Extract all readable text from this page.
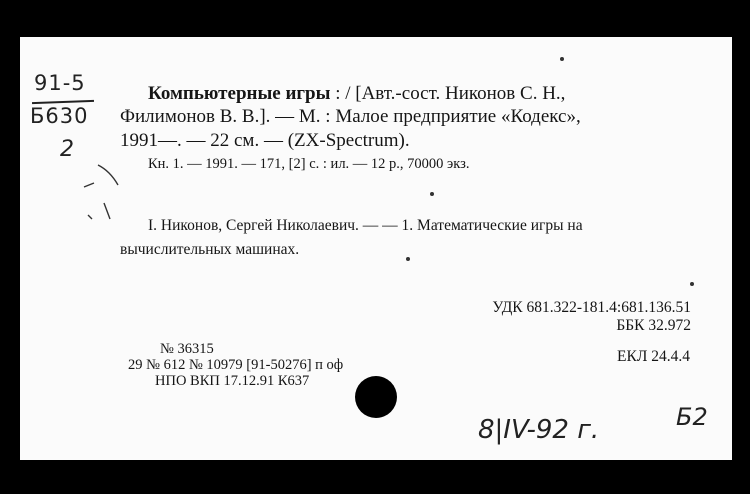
91-5
Б630
2
Компьютерные игры : / [Авт.-сост. Никонов С. Н.,
Филимонов В. В.]. — М. : Малое предприятие «Кодекс»,
1991—. — 22 см. — (ZX-Spectrum).
Кн. 1. — 1991. — 171, [2] с. : ил. — 12 р., 70000 экз.
I. Никонов, Сергей Николаевич. — — 1. Математические игры на
вычислительных машинах.
УДК 681.322-181.4:681.136.51
ББК 32.972
ЕКЛ 24.4.4
№ 36315
29 № 612 № 10979 [91-50276] п оф
НПО ВКП 17.12.91 К637
8|IV-92 г.	Б2
